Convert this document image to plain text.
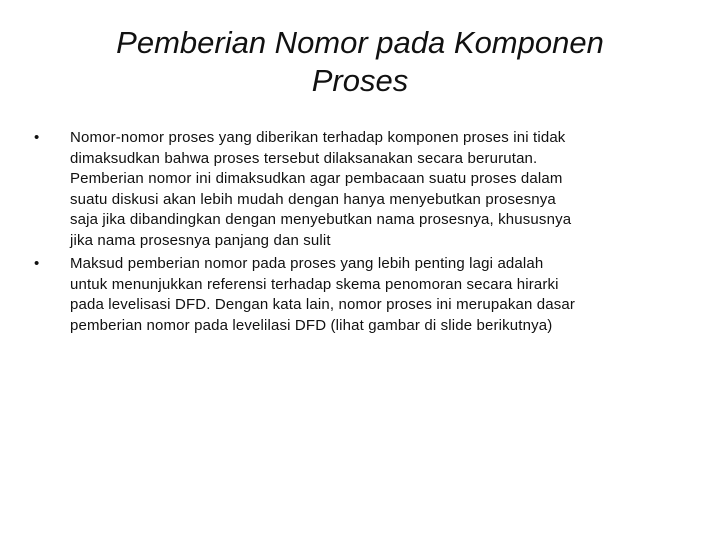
Pemberian Nomor pada Komponen
Proses
• Nomor-nomor proses yang diberikan terhadap komponen proses ini tidak
dimaksudkan bahwa proses tersebut dilaksanakan secara berurutan.
Pemberian nomor ini dimaksudkan agar pembacaan suatu proses dalam
suatu diskusi akan lebih mudah dengan hanya menyebutkan prosesnya
saja jika dibandingkan dengan menyebutkan nama prosesnya, khususnya
jika nama prosesnya panjang dan sulit
• Maksud pemberian nomor pada proses yang lebih penting lagi adalah
untuk menunjukkan referensi terhadap skema penomoran secara hirarki
pada levelisasi DFD. Dengan kata lain, nomor proses ini merupakan dasar
pemberian nomor pada levelilasi DFD (lihat gambar di slide berikutnya)
